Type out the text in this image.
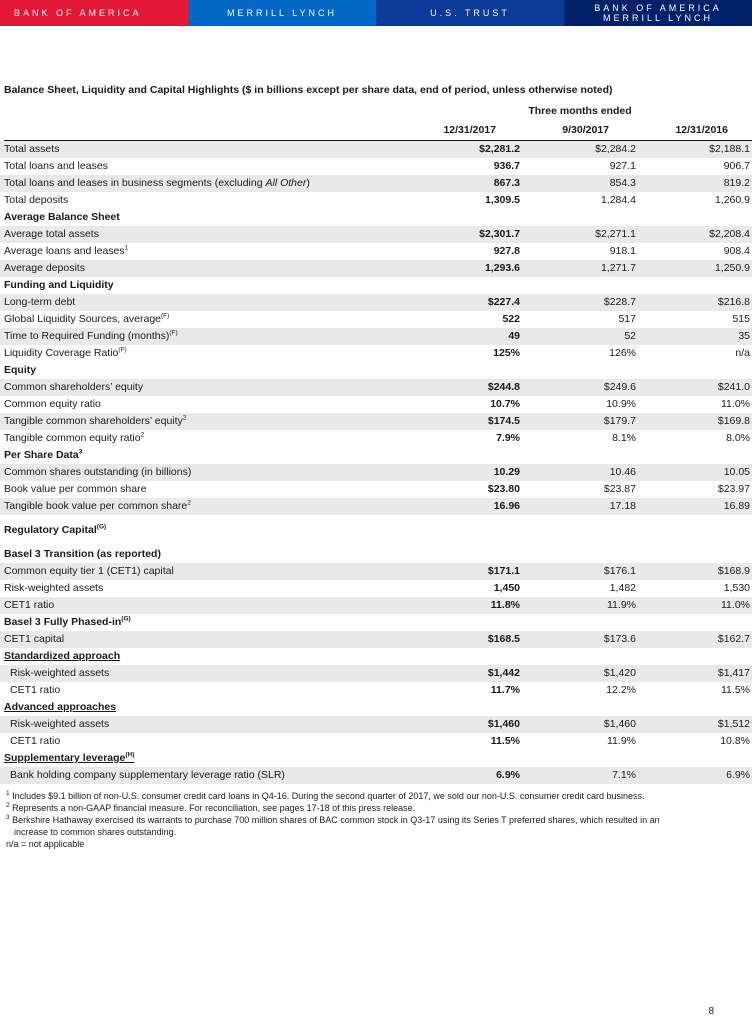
BANK OF AMERICA	MERRILL LYNCH	U.S. TRUST	BANK OF AMERICA
MERRILL LYNCH
Balance Sheet, Liquidity and Capital Highlights ($ in billions except per share data, end of period, unless otherwise noted)
Three months ended
12/31/2017	9/30/2017	12/31/2016
Total assets	$2,281.2	$2,284.2	$2,188.1
Total loans and leases	936.7	927.1	906.7
Total loans and leases in business segments (excluding All Other)	867.3	854.3	819.2
Total deposits	1,309.5	1,284.4	1,260.9
Average Balance Sheet
Average total assets	$2,301.7	$2,271.1	$2,208.4
Average loans and leases$^1$	927.8	918.1	908.4
Average deposits	1,293.6	1,271.7	1,250.9
Funding and Liquidity
Long-term debt	$227.4	$228.7	$216.8
Global Liquidity Sources, average$^{(F)}$	522	517	515
Time to Required Funding (months)$^{(F)}$	49	52	35
Liquidity Coverage Ratio$^{(F)}$	125%	126%	n/a
Equity
Common shareholders’ equity	$244.8	$249.6	$241.0
Common equity ratio	10.7%	10.9%	11.0%
Tangible common shareholders’ equity$^2$	$174.5	$179.7	$169.8
Tangible common equity ratio$^2$	7.9%	8.1%	8.0%
Per Share Data$^3$
Common shares outstanding (in billions)	10.29	10.46	10.05
Book value per common share	$23.80	$23.87	$23.97
Tangible book value per common share$^2$	16.96	17.18	16.89
Regulatory Capital$^{(G)}$
Basel 3 Transition (as reported)
Common equity tier 1 (CET1) capital	$171.1	$176.1	$168.9
Risk-weighted assets	1,450	1,482	1,530
CET1 ratio	11.8%	11.9%	11.0%
Basel 3 Fully Phased-$in^{(G)}$
CET1 capital	$168.5	$173.6	$162.7
Standardized approach
Risk-weighted assets	$1,442	$1,420	$1,417
CET1 ratio	11.7%	12.2%	11.5%
Advanced approaches
Risk-weighted assets	$1,460	$1,460	$1,512
CET1 ratio	11.5%	11.9%	10.8%
Supplementary leverage$^{(H)}$
Bank holding company supplementary leverage ratio (SLR)	6.9%	7.1%	6.9%
$^1$ Includes $9.1 billion of non-U.S. consumer credit card loans in Q4-16. During the second quarter of 2017, we sold our non-U.S. consumer credit card business.
$^2$ Represents a non-GAAP financial measure. For reconciliation, see pages 17-18 of this press release.
$^3$ Berkshire Hathaway exercised its warrants to purchase 700 million shares of BAC common stock in Q3-17 using its Series T preferred shares, which resulted in an
increase to common shares outstanding.
n/a = not applicable
8
